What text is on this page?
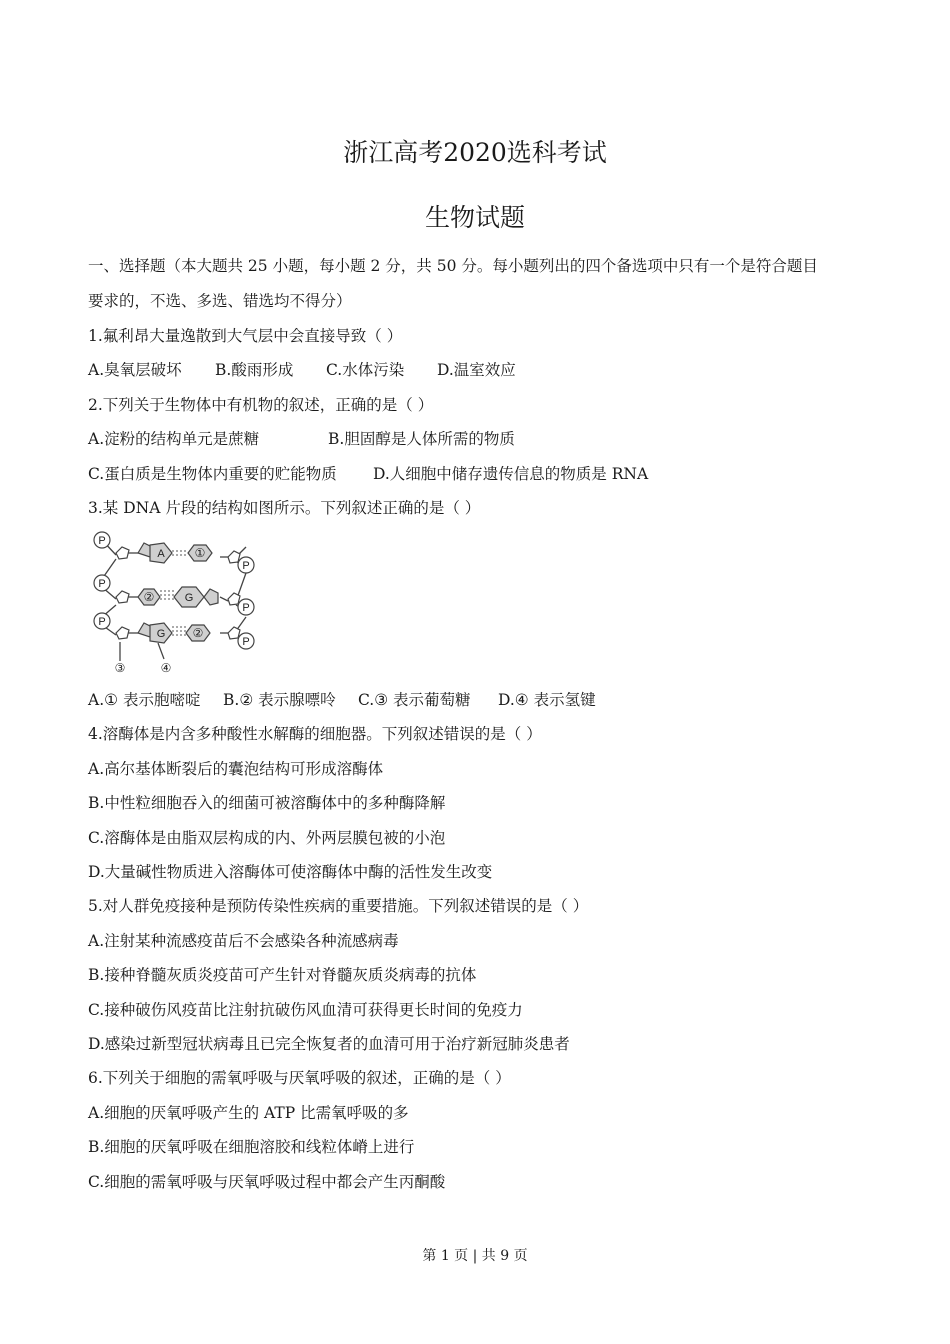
浙江高考2020选科考试
生物试题
一、选择题（本大题共 25 小题，每小题 2 分，共 50 分。每小题列出的四个备选项中只有一个是符合题目
要求的，不选、多选、错选均不得分）
1.氟利昂大量逸散到大气层中会直接导致（ ）
A.臭氧层破坏 B.酸雨形成 C.水体污染 D.温室效应
2.下列关于生物体中有机物的叙述，正确的是（ ）
A.淀粉的结构单元是蔗糖	B.胆固醇是人体所需的物质
C.蛋白质是生物体内重要的贮能物质 D.人细胞中储存遗传信息的物质是 RNA
3.某 DNA 片段的结构如图所示。下列叙述正确的是（ ）
P
P
P
P
P
P
A
G
G
①
②
②
③	④
A.① 表示胞嘧啶 B.② 表示腺嘌呤 C.③ 表示葡萄糖 D.④ 表示氢键
4.溶酶体是内含多种酸性水解酶的细胞器。下列叙述错误的是（ ）
A.高尔基体断裂后的囊泡结构可形成溶酶体
B.中性粒细胞吞入的细菌可被溶酶体中的多种酶降解
C.溶酶体是由脂双层构成的内、外两层膜包被的小泡
D.大量碱性物质进入溶酶体可使溶酶体中酶的活性发生改变
5.对人群免疫接种是预防传染性疾病的重要措施。下列叙述错误的是（ ）
A.注射某种流感疫苗后不会感染各种流感病毒
B.接种脊髓灰质炎疫苗可产生针对脊髓灰质炎病毒的抗体
C.接种破伤风疫苗比注射抗破伤风血清可获得更长时间的免疫力
D.感染过新型冠状病毒且已完全恢复者的血清可用于治疗新冠肺炎患者
6.下列关于细胞的需氧呼吸与厌氧呼吸的叙述，正确的是（ ）
A.细胞的厌氧呼吸产生的 ATP 比需氧呼吸的多
B.细胞的厌氧呼吸在细胞溶胶和线粒体嵴上进行
C.细胞的需氧呼吸与厌氧呼吸过程中都会产生丙酮酸
第 1 页 | 共 9 页
